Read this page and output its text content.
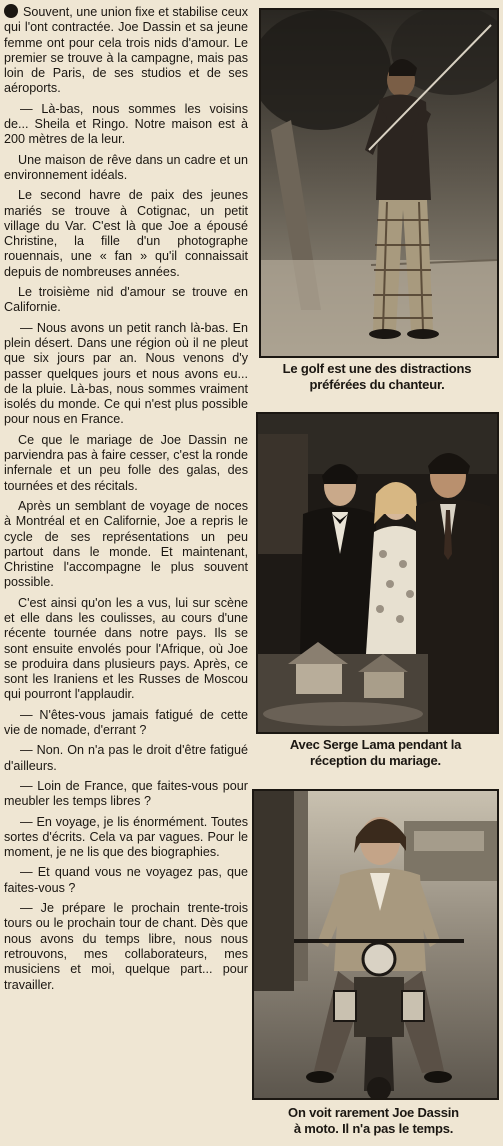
Souvent, une union fixe et stabilise ceux qui l'ont contractée. Joe Dassin et sa jeune femme ont pour cela trois nids d'amour. Le premier se trouve à la campagne, mais pas loin de Paris, de ses studios et de ses aéroports.

— Là-bas, nous sommes les voisins de... Sheila et Ringo. Notre maison est à 200 mètres de la leur.

Une maison de rêve dans un cadre et un environnement idéals.

Le second havre de paix des jeunes mariés se trouve à Cotignac, un petit village du Var. C'est là que Joe a épousé Christine, la fille d'un photographe rouennais, une « fan » qu'il connaissait depuis de nombreuses années.

Le troisième nid d'amour se trouve en Californie.

— Nous avons un petit ranch là-bas. En plein désert. Dans une région où il ne pleut que six jours par an. Nous venons d'y passer quelques jours et nous avons eu... de la pluie. Là-bas, nous sommes vraiment isolés du monde. Ce qui n'est plus possible pour nous en France.

Ce que le mariage de Joe Dassin ne parviendra pas à faire cesser, c'est la ronde infernale et un peu folle des galas, des tournées et des récitals.

Après un semblant de voyage de noces à Montréal et en Californie, Joe a repris le cycle de ses représentations un peu partout dans le monde. Et maintenant, Christine l'accompagne le plus souvent possible.

C'est ainsi qu'on les a vus, lui sur scène et elle dans les coulisses, au cours d'une récente tournée dans notre pays. Ils se sont ensuite envolés pour l'Afrique, où Joe se produira dans plusieurs pays. Après, ce sont les Iraniens et les Russes de Moscou qui pourront l'applaudir.

— N'êtes-vous jamais fatigué de cette vie de nomade, d'errant ?

— Non. On n'a pas le droit d'être fatigué d'ailleurs.

— Loin de France, que faites-vous pour meubler les temps libres ?

— En voyage, je lis énormément. Toutes sortes d'écrits. Cela va par vagues. Pour le moment, je ne lis que des biographies.

— Et quand vous ne voyagez pas, que faites-vous ?

— Je prépare le prochain trente-trois tours ou le prochain tour de chant. Dès que nous avons du temps libre, nous nous retrouvons, mes collaborateurs, mes musiciens et moi, quelque part... pour travailler.

Le golf est une des distractions
préférées du chanteur.
Avec Serge Lama pendant la
réception du mariage.
On voit rarement Joe Dassin
à moto. Il n'a pas le temps.
